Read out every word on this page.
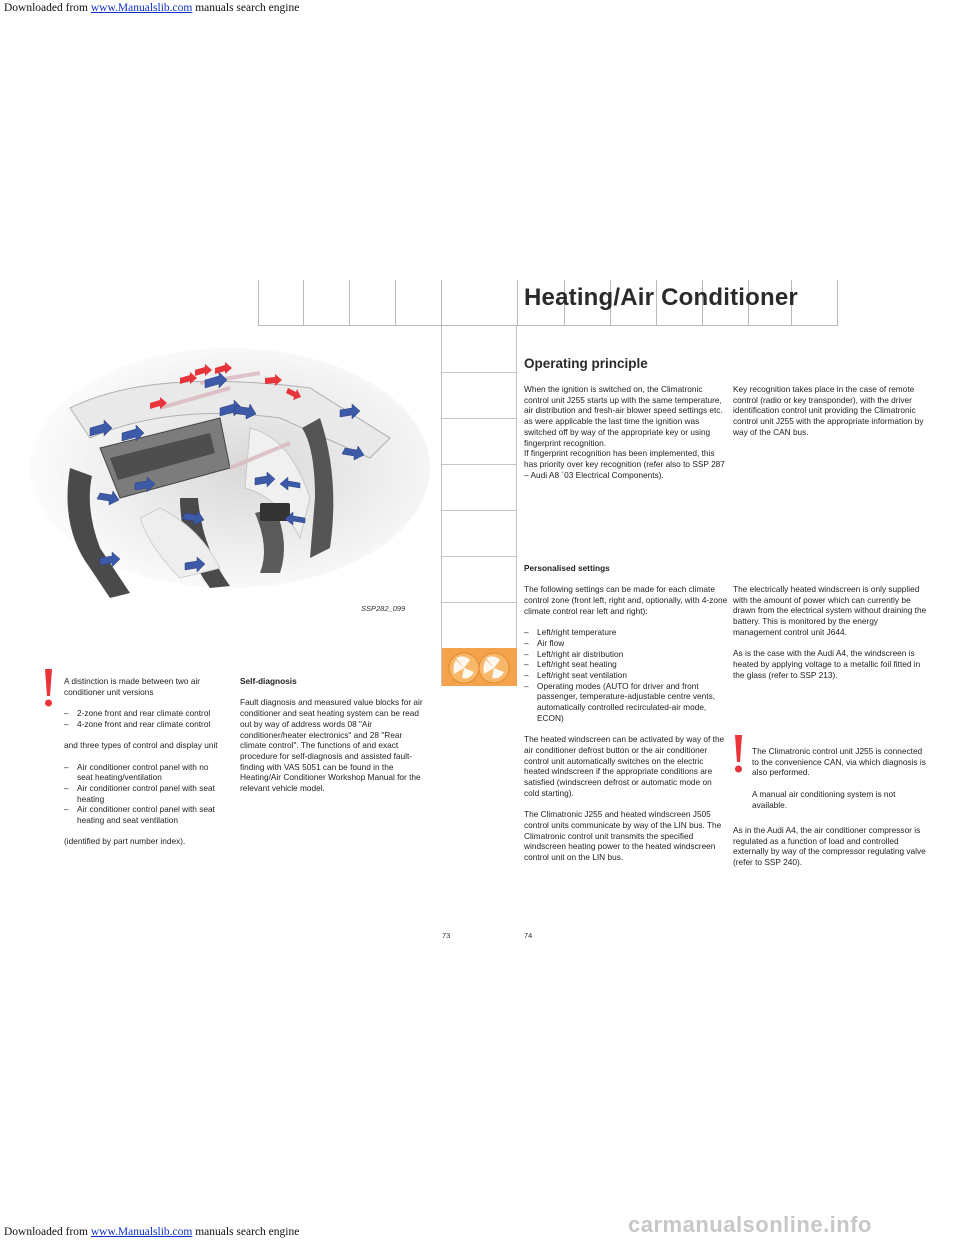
Downloaded from www.Manualslib.com manuals search engine
Heating/Air Conditioner
SSP282_099

A distinction is made between two air conditioner unit versions

– 2-zone front and rear climate control
– 4-zone front and rear climate control

and three types of control and display unit

– Air conditioner control panel with no seat heating/ventilation
– Air conditioner control panel with seat heating
– Air conditioner control panel with seat heating and seat ventilation

(identified by part number index).

Self-diagnosis

Fault diagnosis and measured value blocks for air conditioner and seat heating system can be read out by way of address words 08 "Air conditioner/heater electronics" and 28 "Rear climate control". The functions of and exact procedure for self-diagnosis and assisted fault-finding with VAS 5051 can be found in the Heating/Air Conditioner Workshop Manual for the relevant vehicle model.

73	74
Operating principle

When the ignition is switched on, the Climatronic control unit J255 starts up with the same temperature, air distribution and fresh-air blower speed settings etc. as were applicable the last time the ignition was switched off by way of the appropriate key or using fingerprint recognition.

If fingerprint recognition has been implemented, this has priority over key recognition (refer also to SSP 287 – Audi A8 ´03 Electrical Components).

Key recognition takes place in the case of remote control (radio or key transponder), with the driver identification control unit providing the Climatronic control unit J255 with the appropriate information by way of the CAN bus.

Personalised settings

The following settings can be made for each climate control zone (front left, right and, optionally, with 4-zone climate control rear left and right):

– Left/right temperature
– Air flow
– Left/right air distribution
– Left/right seat heating
– Left/right seat ventilation
– Operating modes (AUTO for driver and front passenger, temperature-adjustable centre vents, automatically controlled recirculated-air mode, ECON)

The heated windscreen can be activated by way of the air conditioner defrost button or the air conditioner control unit automatically switches on the electric heated windscreen if the appropriate conditions are satisfied (windscreen defrost or automatic mode on cold starting).

The Climatronic J255 and heated windscreen J505 control units communicate by way of the LIN bus. The Climatronic control unit transmits the specified windscreen heating power to the heated windscreen control unit on the LIN bus.

The electrically heated windscreen is only supplied with the amount of power which can currently be drawn from the electrical system without draining the battery. This is monitored by the energy management control unit J644.

As is the case with the Audi A4, the windscreen is heated by applying voltage to a metallic foil fitted in the glass (refer to SSP 213).

The Climatronic control unit J255 is connected to the convenience CAN, via which diagnosis is also performed.

A manual air conditioning system is not available.

As in the Audi A4, the air conditioner compressor is regulated as a function of load and controlled externally by way of the compressor regulating valve (refer to SSP 240).

carmanualsonline.info
Downloaded from www.Manualslib.com manuals search engine
